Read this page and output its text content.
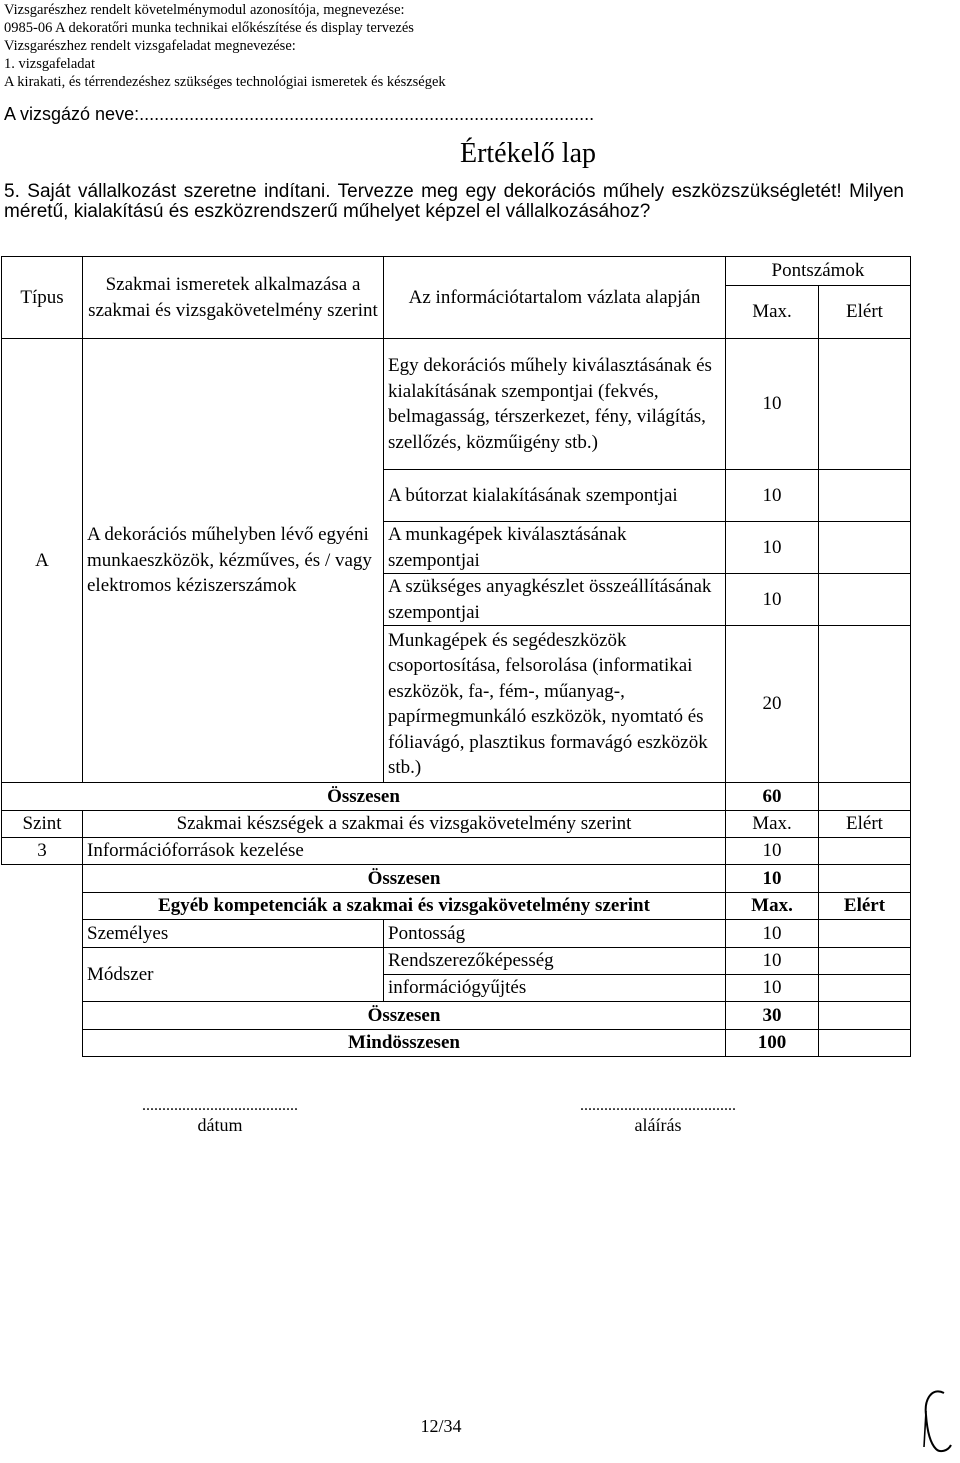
Vizsgarészhez rendelt követelménymodul azonosítója, megnevezése:
0985-06 A dekoratőri munka technikai előkészítése és display tervezés
Vizsgarészhez rendelt vizsgafeladat megnevezése:
1. vizsgafeladat
A kirakati, és térrendezéshez szükséges technológiai ismeretek és készségek
A vizsgázó neve:...........................................................................................
Értékelő lap
5. Saját vállalkozást szeretne indítani. Tervezze meg egy dekorációs műhely eszközszükségletét! Milyen méretű, kialakítású és eszközrendszerű műhelyet képzel el vállalkozásához?
Típus	Szakmai ismeretek alkalmazása a szakmai és vizsgakövetelmény szerint	Az információtartalom vázlata alapján	Pontszámok	
			Max.	Elért
A	A dekorációs műhelyben lévő egyéni munkaeszközök, kézműves, és / vagy elektromos kéziszerszámok	Egy dekorációs műhely kiválasztásának és kialakításának szempontjai (fekvés, belmagasság, térszerkezet, fény, világítás, szellőzés, közműigény stb.)	10	
		A bútorzat kialakításának szempontjai	10	
		A munkagépek kiválasztásának szempontjai	10	
		A szükséges anyagkészlet összeállításának szempontjai	10	
		Munkagépek és segédeszközök csoportosítása, felsorolása (informatikai eszközök, fa-, fém-, műanyag-, papírmegmunkáló eszközök, nyomtató és fóliavágó, plasztikus formavágó eszközök stb.)	20	
Összesen			60	
Szint	Szakmai készségek a szakmai és vizsgakövetelmény szerint		Max.	Elért
3	Információforrások kezelése		10	
	Összesen		10	
	Egyéb kompetenciák a szakmai és vizsgakövetelmény szerint		Max.	Elért
	Személyes	Pontosság	10	
	Módszer	Rendszerezőképesség	10	
		információgyűjtés	10	
	Összesen		30	
	Mindösszesen		100	
.......................................
dátum
.......................................
aláírás
12/34
